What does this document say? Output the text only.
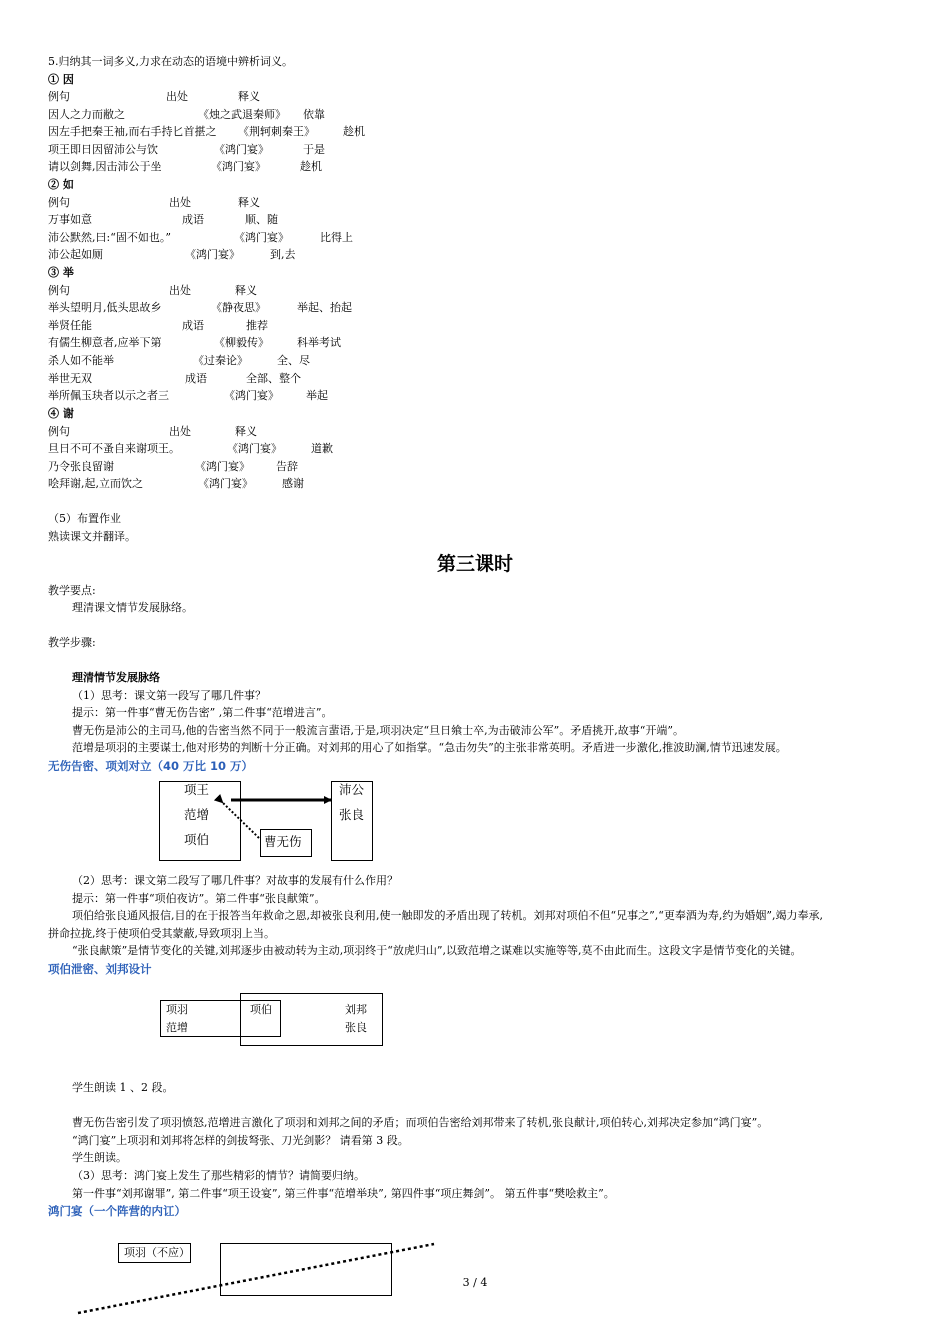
5.归纳其一词多义,力求在动态的语境中辨析词义。
① 因
例句	出处	释义
因人之力而敝之	《烛之武退秦师》 依靠
因左手把秦王袖,而右手持匕首揕之 《荆轲刺秦王》	趁机
项王即日因留沛公与饮	《鸿门宴》	于是
请以剑舞,因击沛公于坐	《鸿门宴》	趁机
② 如
例句	出处	释义
万事如意	成语	顺、随
沛公默然,曰:“固不如也。”	《鸿门宴》	比得上
沛公起如厕	《鸿门宴》	到,去
③ 举
例句	出处	释义
举头望明月,低头思故乡	《静夜思》	举起、抬起
举贤任能	成语	推荐
有儒生柳意者,应举下第	《柳毅传》	科举考试
杀人如不能举	《过秦论》	全、尽
举世无双	成语	全部、整个
举所佩玉玦者以示之者三	《鸿门宴》 举起
④ 谢
例句	出处	释义
旦日不可不蚤自来谢项王。	《鸿门宴》	道歉
乃令张良留谢	《鸿门宴》 告辞
哙拜谢,起,立而饮之	《鸿门宴》	感谢
（5）布置作业
熟读课文并翻译。
第三课时
教学要点:
理清课文情节发展脉络。
教学步骤:
理清情节发展脉络
（1）思考：课文第一段写了哪几件事？
提示：第一件事“曹无伤告密” ,第二件事“范增进言”。
曹无伤是沛公的主司马,他的告密当然不同于一般流言蜚语,于是,项羽决定“旦日飨士卒,为击破沛公军”。矛盾挑开,故事“开端”。
范增是项羽的主要谋士,他对形势的判断十分正确。对刘邦的用心了如指掌。“急击勿失”的主张非常英明。矛盾进一步激化,推波助澜,情节迅速发展。
无伤告密、项刘对立（40 万比 10 万）
项王
范增
项伯
沛公
张良
曹无伤
（2）思考：课文第二段写了哪几件事？对故事的发展有什么作用？
提示：第一件事“项伯夜访”。第二件事“张良献策”。
项伯给张良通风报信,目的在于报答当年救命之恩,却被张良利用,使一触即发的矛盾出现了转机。刘邦对项伯不但“兄事之”,“更奉酒为寿,约为婚姻”,竭力奉承,
拼命拉拢,终于使项伯受其蒙蔽,导致项羽上当。
“张良献策”是情节变化的关键,刘邦逐步由被动转为主动,项羽终于“放虎归山”,以致范增之谋难以实施等等,莫不由此而生。这段文字是情节变化的关键。
项伯泄密、刘邦设计
项羽
范增
项伯	刘邦
张良
学生朗读 1 、2 段。
曹无伤告密引发了项羽愤怒,范增进言激化了项羽和刘邦之间的矛盾；而项伯告密给刘邦带来了转机,张良献计,项伯转心,刘邦决定参加“鸿门宴”。
“鸿门宴”上项羽和刘邦将怎样的剑拔弩张、刀光剑影？ 请看第 3 段。
学生朗读。
（3）思考：鸿门宴上发生了那些精彩的情节？请简要归纳。
第一件事“刘邦谢罪”, 第二件事“项王设宴”, 第三件事“范增举玦”, 第四件事“项庄舞剑”。 第五件事“樊哙救主”。
鸿门宴（一个阵营的内讧）
项羽（不应）
3 / 4
